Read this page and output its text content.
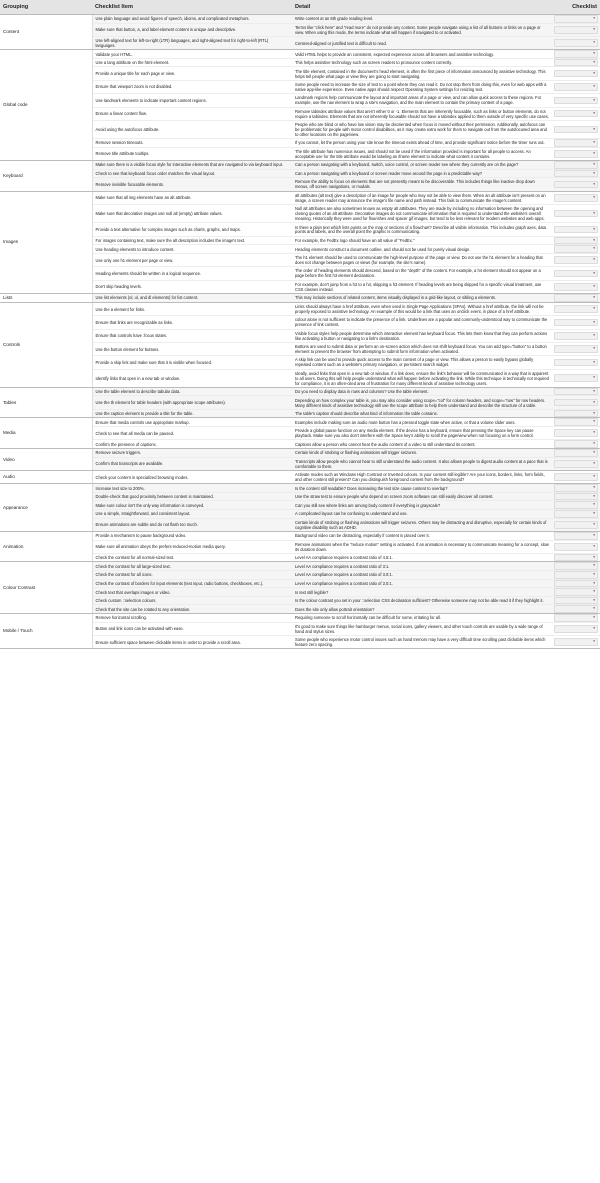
Grouping	Checklist Item	Detail	Checklist
Content	Use plain language and avoid figures of speech, idioms, and complicated metaphors.	Write content at an 8th grade reading level.	▾

	Make sure that button, a, and label element content is unique and descriptive.	Terms like "click here" and "read more" do not provide any context. Some people navigate using a list of all buttons or links on a page or view. When using this mode, the terms indicate what will happen if navigated to or activated.	▾

	Use left-aligned text for left-to-right (LTR) languages, and right-aligned text for right-to-left (RTL) languages.	Centered-aligned or justified text is difficult to read.	▾

Global code	Validate your HTML.	Valid HTML helps to provide an consistent, expected experience across all browsers and assistive technology.	▾

	Use a lang attribute on the html element.	This helps assistive technology such as screen readers to pronounce content correctly.	▾

	Provide a unique title for each page or view.	The title element, contained in the document's head element, is often the first piece of information announced by assistive technology. This helps tell people what page or view they are going to start navigating.	▾

	Ensure that viewport zoom is not disabled.	Some people need to increase the size of text to a point where they can read it. Do not stop them from doing this, even for web apps with a native app-like experience. Even native apps should respect Operating System settings for resizing text.	▾

	Use landmark elements to indicate important content regions.	Landmark regions help communicate the layout and important areas of a page or view, and can allow quick access to these regions. For example, use the nav element to wrap a site's navigation, and the main element to contain the primary content of a page.	▾

	Ensure a linear content flow.	Remove tabindex attribute values that aren't either 0 or -1. Elements that are inherently focusable, such as links or button elements, do not require a tabindex. Elements that are not inherently focusable should not have a tabindex applied to them outside of very specific use cases.	▾

	Avoid using the autofocus attribute.	People who are blind or who have low vision may be disoriented when focus is moved without their permission. Additionally, autofocus can be problematic for people with motor control disabilities, as it may create extra work for them to navigate out from the autofocused area and to other locations on the page/view.	▾

	Remove session timeouts.	If you cannot, let the person using your site know the timeout exists ahead of time, and provide significant notice before the timer runs out.	▾

	Remove title attribute tooltips.	The title attribute has numerous issues, and should not be used if the information provided is important for all people to access. An acceptable use for the title attribute would be labeling an iframe element to indicate what content it contains.	▾

Keyboard	Make sure there is a visible focus style for interactive elements that are navigated to via keyboard input.	Can a person navigating with a keyboard, switch, voice control, or screen reader see where they currently are on the page?	▾

	Check to see that keyboard focus order matches the visual layout.	Can a person navigating with a keyboard or screen reader move around the page in a predictable way?	▾

	Remove invisible focusable elements.	Remove the ability to focus on elements that are not presently meant to be discoverable. This includes things like inactive drop down menus, off screen navigations, or modals.	▾

Images	Make sure that all img elements have an alt attribute.	alt attributes (alt text) give a description of an image for people who may not be able to view them. When an alt attribute isn't present on an image, a screen reader may announce the image's file name and path instead. This fails to communicate the image's content.	▾

	Make sure that decorative images use null alt (empty) attribute values.	Null alt attributes are also sometimes known as empty alt attributes. They are made by including no information between the opening and closing quotes of an alt attribute. Decorative images do not communicate information that is required to understand the website's overall meaning. Historically they were used for flourishes and spacer gif images, but tend to be less relevant for modern websites and web apps.	▾

	Provide a text alternative for complex images such as charts, graphs, and maps.	Is there a plain text which lists points on the map or sections of a flowchart? Describe all visible information. This includes graph axes, data points and labels, and the overall point the graphic is communicating.	▾

	For images containing text, make sure the alt description includes the image's text.	For example, the FedEx logo should have an alt value of "FedEx."	▾

	Use heading elements to introduce content.	Heading elements construct a document outline, and should not be used for purely visual design.	▾

	Use only one h1 element per page or view.	The h1 element should be used to communicate the high-level purpose of the page or view. Do not use the h1 element for a heading that does not change between pages or views (for example, the site's name).	▾

	Heading elements should be written in a logical sequence.	The order of heading elements should descend, based on the "depth" of the content. For example, a h4 element should not appear on a page before the first h3 element declaration.	▾

	Don't skip heading levels.	For example, don't jump from a h2 to a h4, skipping a h3 element. If heading levels are being skipped for a specific visual treatment, use CSS classes instead.	▾

Lists	Use list elements (ol, ul, and dl elements) for list content.	This may include sections of related content, items visually displayed in a grid-like layout, or sibling a elements.	▾

Controls	Use the a element for links.	Links should always have a href attribute, even when used in Single Page Applications (SPAs). Without a href attribute, the link will not be properly exposed to assistive technology. An example of this would be a link that uses an onclick event, in place of a href attribute.	▾

	Ensure that links are recognizable as links.	colour alone is not sufficient to indicate the presence of a link. Underlines are a popular and commonly-understood way to communicate the presence of link content.	▾

	Ensure that controls have :focus states.	Visible focus styles help people determine which interactive element has keyboard focus. This lets them know that they can perform actions like activating a button or navigating to a link's destination.	▾

	Use the button element for buttons.	Buttons are used to submit data or perform an on-screen action which does not shift keyboard focus. You can add type="button" to a button element to prevent the browser from attempting to submit form information when activated.	▾

	Provide a skip link and make sure that it is visible when focused.	A skip link can be used to provide quick access to the main content of a page or view. This allows a person to easily bypass globally repeated content such as a website's primary navigation, or persistent search widget.	▾

	Identify links that open in a new tab or window.	Ideally, avoid links that open in a new tab or window. If a link does, ensure the link's behavior will be communicated in a way that is apparent to all users. Doing this will help people understand what will happen before activating the link. While this technique is technically not required for compliance, it is an often-cited area of frustration for many different kinds of assistive technology users.	▾

Tables	Use the table element to describe tabular data.	Do you need to display data in rows and columns? Use the table element.	▾

	Use the th element for table headers (with appropriate scope attributes).	Depending on how complex your table is, you may also consider using scope="col" for column headers, and scope="row" for row headers. Many different kinds of assistive technology still use the scope attribute to help them understand and describe the structure of a table.	▾

	Use the caption element to provide a title for the table.	The table's caption should describe what kind of information the table contains.	▾

Media	Ensure that media controls use appropriate markup.	Examples include making sure an audio mute button has a pressed toggle state when active, or that a volume slider uses.	▾

	Check to see that all media can be paused.	Provide a global pause function on any media element. If the device has a keyboard, ensure that pressing the Space key can pause playback. Make sure you also don't interfere with the Space key's ability to scroll the page/view when not focusing on a form control.	▾

	Confirm the presence of captions.	Captions allow a person who cannot hear the audio content of a video to still understand its content.	▾

Video	Remove seizure triggers.	Certain kinds of strobing or flashing animations will trigger seizures.	▾

	Confirm that transcripts are available.	Transcripts allow people who cannot hear to still understand the audio content. It also allows people to digest audio content at a pace that is comfortable to them.	▾

Audio	Check your content in specialized browsing modes.	Activate modes such as Windows High Contrast or Inverted colours. Is your content still legible? Are your icons, borders, links, form fields, and other content still present? Can you distinguish foreground content from the background?	▾

Appearance	Increase text size to 200%.	Is the content still readable? Does increasing the text size cause content to overlap?	▾

	Double-check that good proximity between content is maintained.	Use the straw test to ensure people who depend on screen zoom software can still easily discover all content.	▾

	Make sure colour isn't the only way information is conveyed.	Can you still see where links are among body content if everything is grayscale?	▾

	Use a simple, straightforward, and consistent layout.	A complicated layout can be confusing to understand and use.	▾

	Ensure animations are subtle and do not flash too much.	Certain kinds of strobing or flashing animations will trigger seizures. Others may be distracting and disruptive, especially for certain kinds of cognitive disability such as ADHD.	▾

Animation	Provide a mechanism to pause background video.	Background video can be distracting, especially if content is placed over it.	▾

	Make sure all animation obeys the prefers-reduced-motion media query.	Remove animations when the "reduce motion" setting is activated. If an animation is necessary to communicate meaning for a concept, slow its duration down.	▾

	Check the contrast for all normal-sized text.	Level AA compliance requires a contrast ratio of 4.5:1.	▾

Colour Contrast	Check the contrast for all large-sized text.	Level AA compliance requires a contrast ratio of 3:1.	▾

	Check the contrast for all icons.	Level AA compliance requires a contrast ratio of 3.0:1.	▾

	Check the contrast of borders for input elements (text input, radio buttons, checkboxes, etc.).	Level AA compliance requires a contrast ratio of 3.0:1.	▾

	Check text that overlaps images or video.	Is text still legible?	▾

	Check custom ::selection colours.	Is the colour contrast you set in your ::selection CSS declaration sufficient? Otherwise someone may not be able read it if they highlight it.	▾

	Check that the site can be rotated to any orientation.	Does the site only allow portrait orientation?	▾

Mobile / Touch	Remove horizontal scrolling.	Requiring someone to scroll horizontally can be difficult for some, irritating for all.	▾

	Button and link icons can be activated with ease.	It's good to make sure things like hamburger menus, social icons, gallery viewers, and other touch controls are usable by a wide range of hand and stylus sizes.	▾

	Ensure sufficient space between clickable items in order to provide a scroll area.	Some people who experience motor control issues such as hand tremors may have a very difficult time scrolling past clickable items which feature zero spacing.	▾
